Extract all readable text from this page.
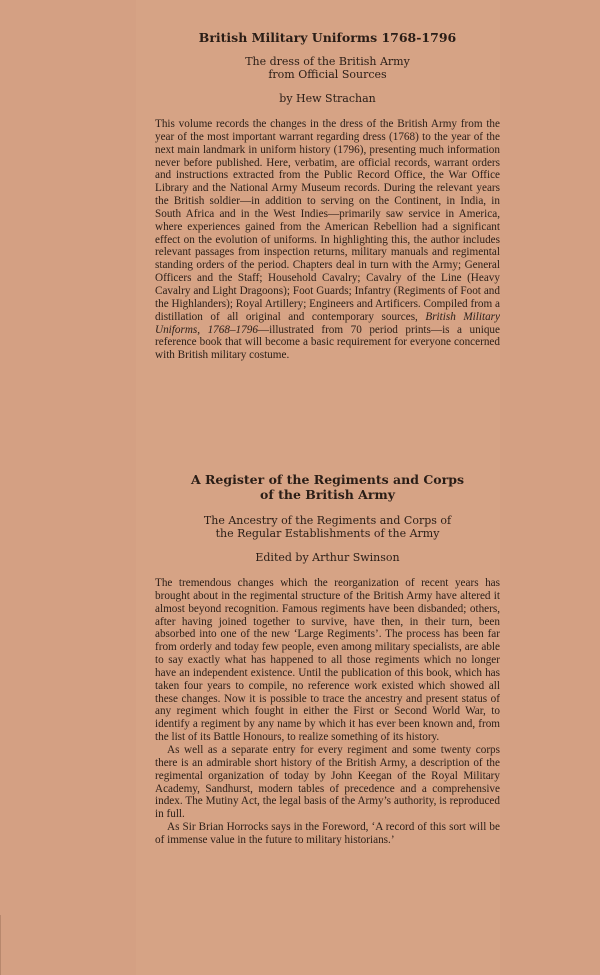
British Military Uniforms 1768-1796

The dress of the British Army
from Official Sources

by Hew Strachan

This volume records the changes in the dress of the British Army from the year of the most important warrant regarding dress (1768) to the year of the next main landmark in uniform history (1796), presenting much information never before published. Here, verbatim, are official records, warrant orders and instructions extracted from the Public Record Office, the War Office Library and the National Army Museum records. During the relevant years the British soldier—in addition to serving on the Continent, in India, in South Africa and in the West Indies—primarily saw service in America, where experiences gained from the American Rebellion had a significant effect on the evolution of uniforms. In highlighting this, the author includes relevant passages from inspection returns, military manuals and regimental standing orders of the period. Chapters deal in turn with the Army; General Officers and the Staff; Household Cavalry; Cavalry of the Line (Heavy Cavalry and Light Dragoons); Foot Guards; Infantry (Regiments of Foot and the Highlanders); Royal Artillery; Engineers and Artificers. Compiled from a distillation of all original and contemporary sources, British Military Uniforms, 1768–1796—illustrated from 70 period prints—is a unique reference book that will become a basic requirement for everyone concerned with British military costume.

A Register of the Regiments and Corps
of the British Army

The Ancestry of the Regiments and Corps of
the Regular Establishments of the Army

Edited by Arthur Swinson

The tremendous changes which the reorganization of recent years has brought about in the regimental structure of the British Army have altered it almost beyond recognition. Famous regiments have been disbanded; others, after having joined together to survive, have then, in their turn, been absorbed into one of the new ‘Large Regiments’. The process has been far from orderly and today few people, even among military specialists, are able to say exactly what has happened to all those regiments which no longer have an independent existence. Until the publication of this book, which has taken four years to compile, no reference work existed which showed all these changes. Now it is possible to trace the ancestry and present status of any regiment which fought in either the First or Second World War, to identify a regiment by any name by which it has ever been known and, from the list of its Battle Honours, to realize something of its history.

As well as a separate entry for every regiment and some twenty corps there is an admirable short history of the British Army, a description of the regimental organization of today by John Keegan of the Royal Military Academy, Sandhurst, modern tables of precedence and a comprehensive index. The Mutiny Act, the legal basis of the Army’s authority, is reproduced in full.

As Sir Brian Horrocks says in the Foreword, ‘A record of this sort will be of immense value in the future to military historians.’
